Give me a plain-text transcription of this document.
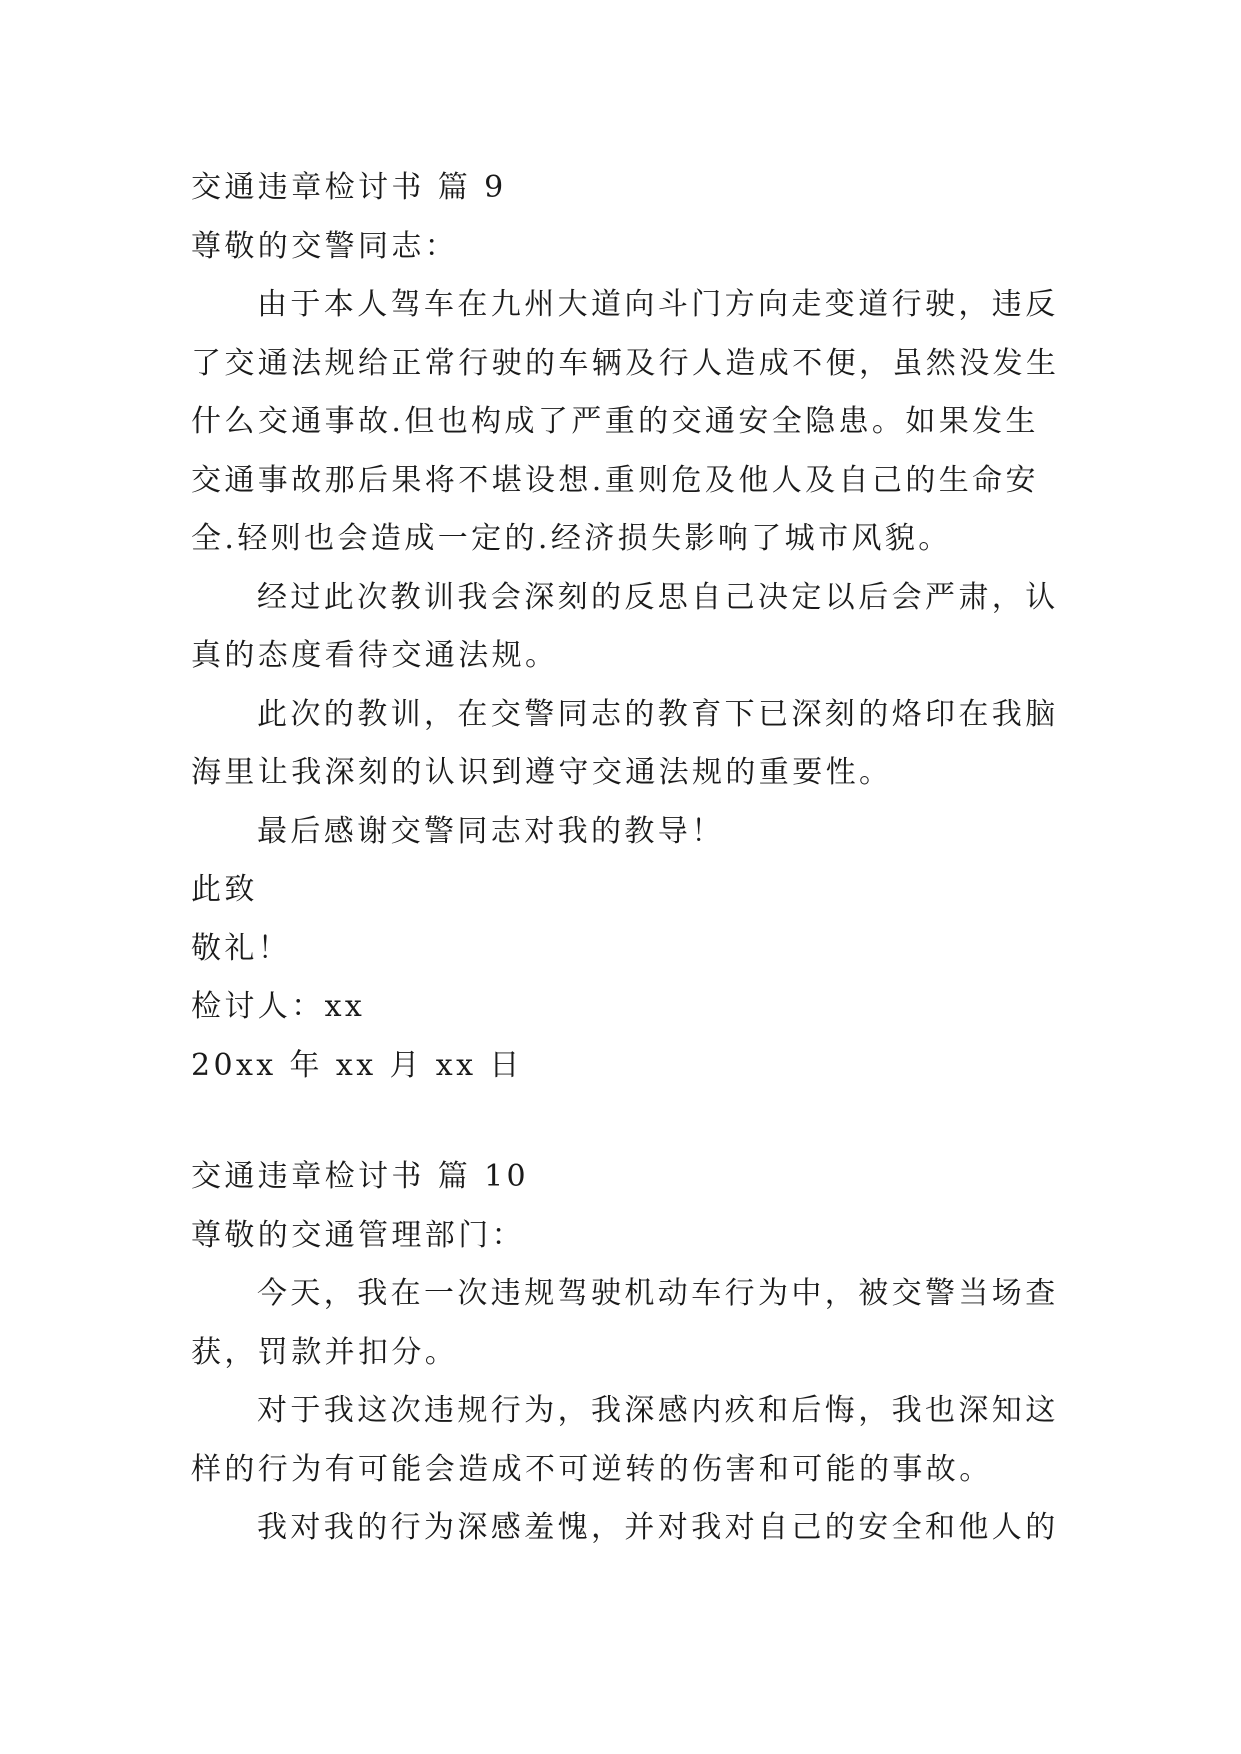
交通违章检讨书 篇 9
尊敬的交警同志：

由于本人驾车在九州大道向斗门方向走变道行驶，违反
了交通法规给正常行驶的车辆及行人造成不便，虽然没发生
什么交通事故.但也构成了严重的交通安全隐患。如果发生
交通事故那后果将不堪设想.重则危及他人及自己的生命安
全.轻则也会造成一定的.经济损失影响了城市风貌。

经过此次教训我会深刻的反思自己决定以后会严肃，认
真的态度看待交通法规。

此次的教训，在交警同志的教育下已深刻的烙印在我脑
海里让我深刻的认识到遵守交通法规的重要性。

最后感谢交警同志对我的教导！

此致
敬礼！
检讨人：xx
20xx 年 xx 月 xx 日
交通违章检讨书 篇 10
尊敬的交通管理部门：

今天，我在一次违规驾驶机动车行为中，被交警当场查
获，罚款并扣分。

对于我这次违规行为，我深感内疚和后悔，我也深知这
样的行为有可能会造成不可逆转的伤害和可能的事故。

我对我的行为深感羞愧，并对我对自己的安全和他人的
